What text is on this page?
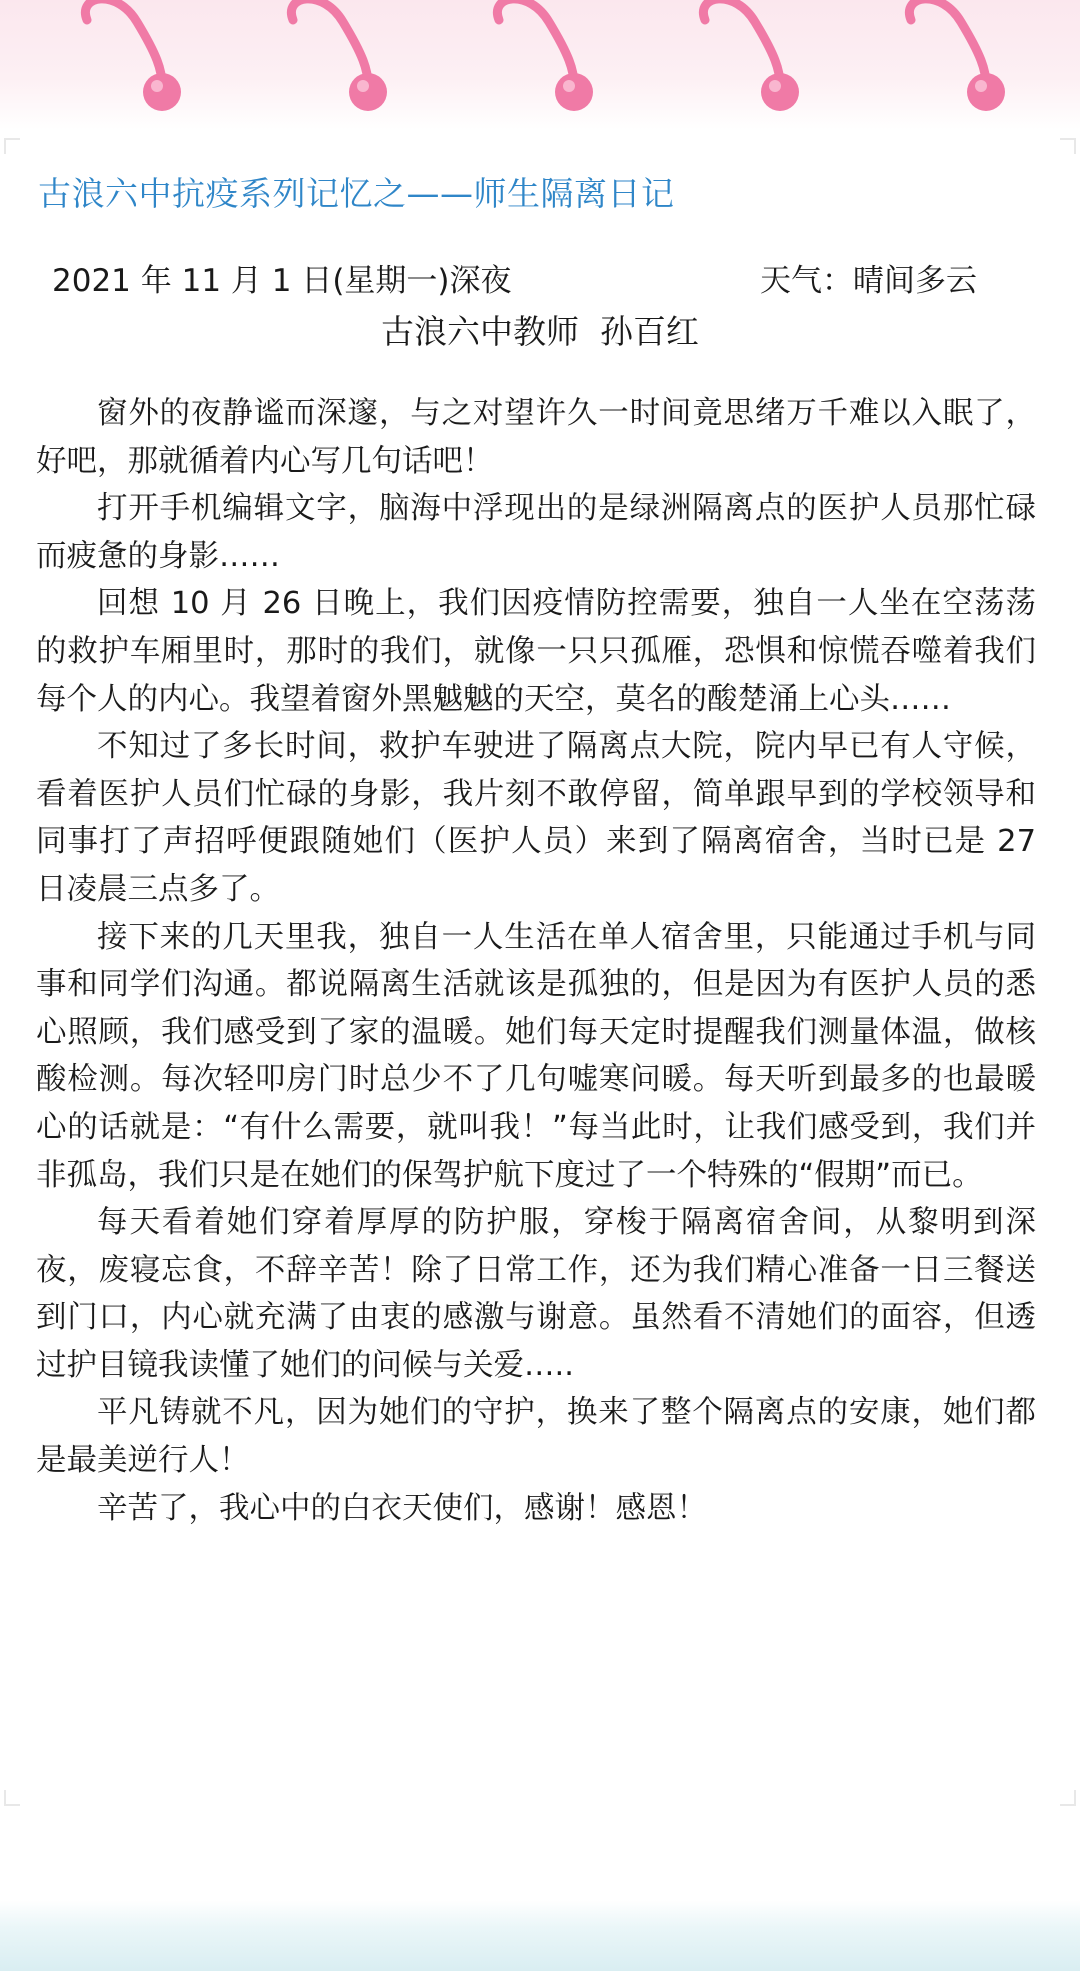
古浪六中抗疫系列记忆之——师生隔离日记
2021 年 11 月 1 日(星期一)深夜	天气：晴间多云
古浪六中教师  孙百红

窗外的夜静谧而深邃，与之对望许久一时间竟思绪万千难以入眠了，好吧，那就循着内心写几句话吧！

打开手机编辑文字，脑海中浮现出的是绿洲隔离点的医护人员那忙碌而疲惫的身影……

回想 10 月 26 日晚上，我们因疫情防控需要，独自一人坐在空荡荡的救护车厢里时，那时的我们，就像一只只孤雁，恐惧和惊慌吞噬着我们每个人的内心。我望着窗外黑魆魆的天空，莫名的酸楚涌上心头……

不知过了多长时间，救护车驶进了隔离点大院，院内早已有人守候，看着医护人员们忙碌的身影，我片刻不敢停留，简单跟早到的学校领导和同事打了声招呼便跟随她们（医护人员）来到了隔离宿舍，当时已是 27 日凌晨三点多了。

接下来的几天里我，独自一人生活在单人宿舍里，只能通过手机与同事和同学们沟通。都说隔离生活就该是孤独的，但是因为有医护人员的悉心照顾，我们感受到了家的温暖。她们每天定时提醒我们测量体温，做核酸检测。每次轻叩房门时总少不了几句嘘寒问暖。每天听到最多的也最暖心的话就是：“有什么需要，就叫我！”每当此时，让我们感受到，我们并非孤岛，我们只是在她们的保驾护航下度过了一个特殊的“假期”而已。

每天看着她们穿着厚厚的防护服，穿梭于隔离宿舍间，从黎明到深夜，废寝忘食，不辞辛苦！除了日常工作，还为我们精心准备一日三餐送到门口，内心就充满了由衷的感激与谢意。虽然看不清她们的面容，但透过护目镜我读懂了她们的问候与关爱…..

平凡铸就不凡，因为她们的守护，换来了整个隔离点的安康，她们都是最美逆行人！

辛苦了，我心中的白衣天使们，感谢！感恩！
